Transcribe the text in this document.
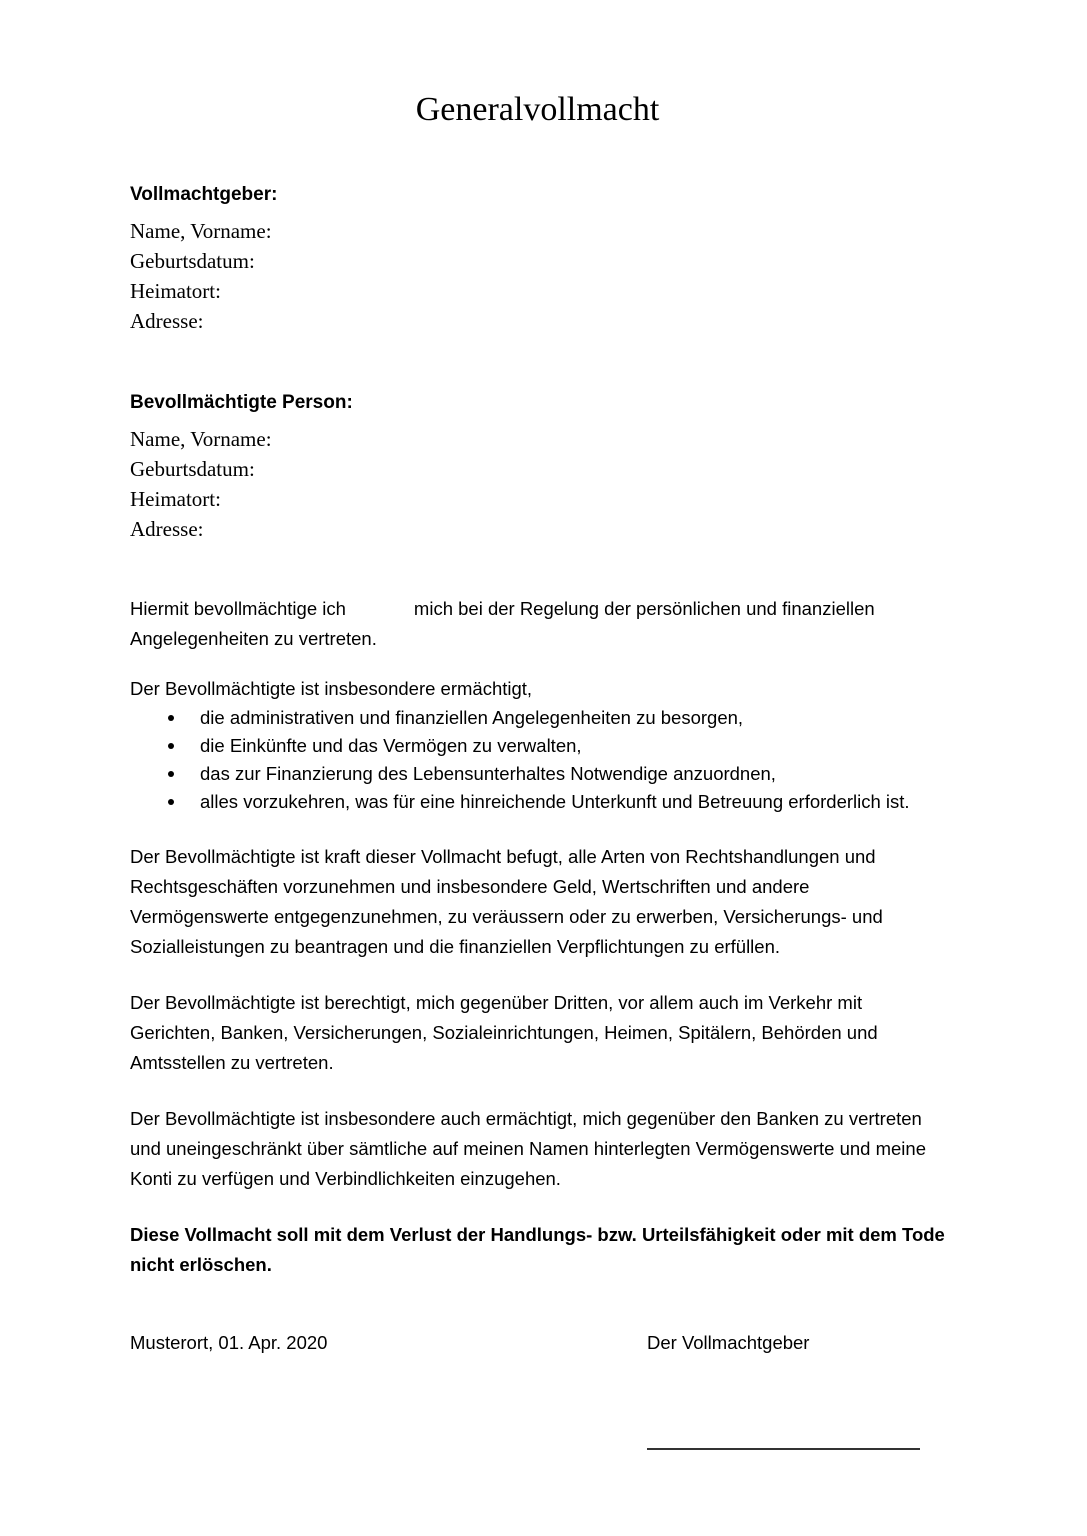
Generalvollmacht
Vollmachtgeber:
Name, Vorname:
Geburtsdatum:
Heimatort:
Adresse:
Bevollmächtigte Person:
Name, Vorname:
Geburtsdatum:
Heimatort:
Adresse:

Hiermit bevollmächtige ich	mich bei der Regelung der persönlichen und finanziellen Angelegenheiten zu vertreten.

Der Bevollmächtigte ist insbesondere ermächtigt,

die administrativen und finanziellen Angelegenheiten zu besorgen,
die Einkünfte und das Vermögen zu verwalten,
das zur Finanzierung des Lebensunterhaltes Notwendige anzuordnen,
alles vorzukehren, was für eine hinreichende Unterkunft und Betreuung erforderlich ist.

Der Bevollmächtigte ist kraft dieser Vollmacht befugt, alle Arten von Rechtshandlungen und Rechtsgeschäften vorzunehmen und insbesondere Geld, Wertschriften und andere Vermögenswerte entgegenzunehmen, zu veräussern oder zu erwerben, Versicherungs- und Sozialleistungen zu beantragen und die finanziellen Verpflichtungen zu erfüllen.

Der Bevollmächtigte ist berechtigt, mich gegenüber Dritten, vor allem auch im Verkehr mit Gerichten, Banken, Versicherungen, Sozialeinrichtungen, Heimen, Spitälern, Behörden und Amtsstellen zu vertreten.

Der Bevollmächtigte ist insbesondere auch ermächtigt, mich gegenüber den Banken zu vertreten und uneingeschränkt über sämtliche auf meinen Namen hinterlegten Vermögenswerte und meine Konti zu verfügen und Verbindlichkeiten einzugehen.

Diese Vollmacht soll mit dem Verlust der Handlungs- bzw. Urteilsfähigkeit oder mit dem Tode nicht erlöschen.

Musterort, 01. Apr. 2020	Der Vollmachtgeber
